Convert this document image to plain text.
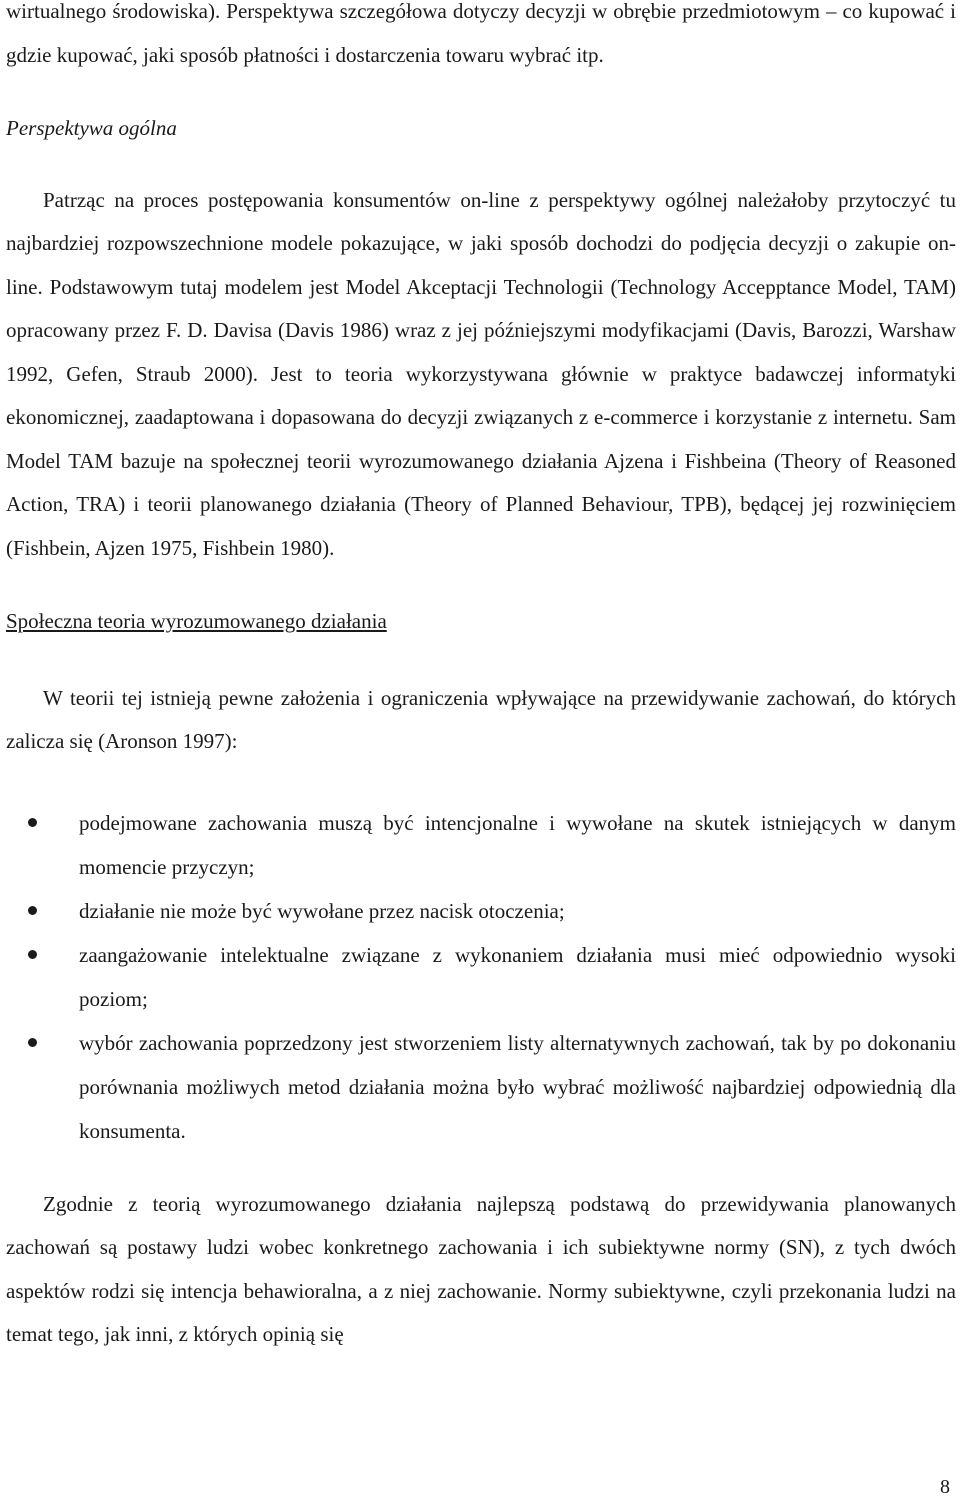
wirtualnego środowiska). Perspektywa szczegółowa dotyczy decyzji w obrębie przedmiotowym – co kupować i gdzie kupować, jaki sposób płatności i dostarczenia towaru wybrać itp.

Perspektywa ogólna

Patrząc na proces postępowania konsumentów on-line z perspektywy ogólnej należałoby przytoczyć tu najbardziej rozpowszechnione modele pokazujące, w jaki sposób dochodzi do podjęcia decyzji o zakupie on-line. Podstawowym tutaj modelem jest Model Akceptacji Technologii (Technology Accepptance Model, TAM) opracowany przez F. D. Davisa (Davis 1986) wraz z jej późniejszymi modyfikacjami (Davis, Barozzi, Warshaw 1992, Gefen, Straub 2000). Jest to teoria wykorzystywana głównie w praktyce badawczej informatyki ekonomicznej, zaadaptowana i dopasowana do decyzji związanych z e-commerce i korzystanie z internetu. Sam Model TAM bazuje na społecznej teorii wyrozumowanego działania Ajzena i Fishbeina (Theory of Reasoned Action, TRA) i teorii planowanego działania (Theory of Planned Behaviour, TPB), będącej jej rozwinięciem (Fishbein, Ajzen 1975, Fishbein 1980).

Społeczna teoria wyrozumowanego działania

W teorii tej istnieją pewne założenia i ograniczenia wpływające na przewidywanie zachowań, do których zalicza się (Aronson 1997):

podejmowane zachowania muszą być intencjonalne i wywołane na skutek istniejących w danym momencie przyczyn;
działanie nie może być wywołane przez nacisk otoczenia;
zaangażowanie intelektualne związane z wykonaniem działania musi mieć odpowiednio wysoki poziom;
wybór zachowania poprzedzony jest stworzeniem listy alternatywnych zachowań, tak by po dokonaniu porównania możliwych metod działania można było wybrać możliwość najbardziej odpowiednią dla konsumenta.

Zgodnie z teorią wyrozumowanego działania najlepszą podstawą do przewidywania planowanych zachowań są postawy ludzi wobec konkretnego zachowania i ich subiektywne normy (SN), z tych dwóch aspektów rodzi się intencja behawioralna, a z niej zachowanie. Normy subiektywne, czyli przekonania ludzi na temat tego, jak inni, z których opinią się

8
